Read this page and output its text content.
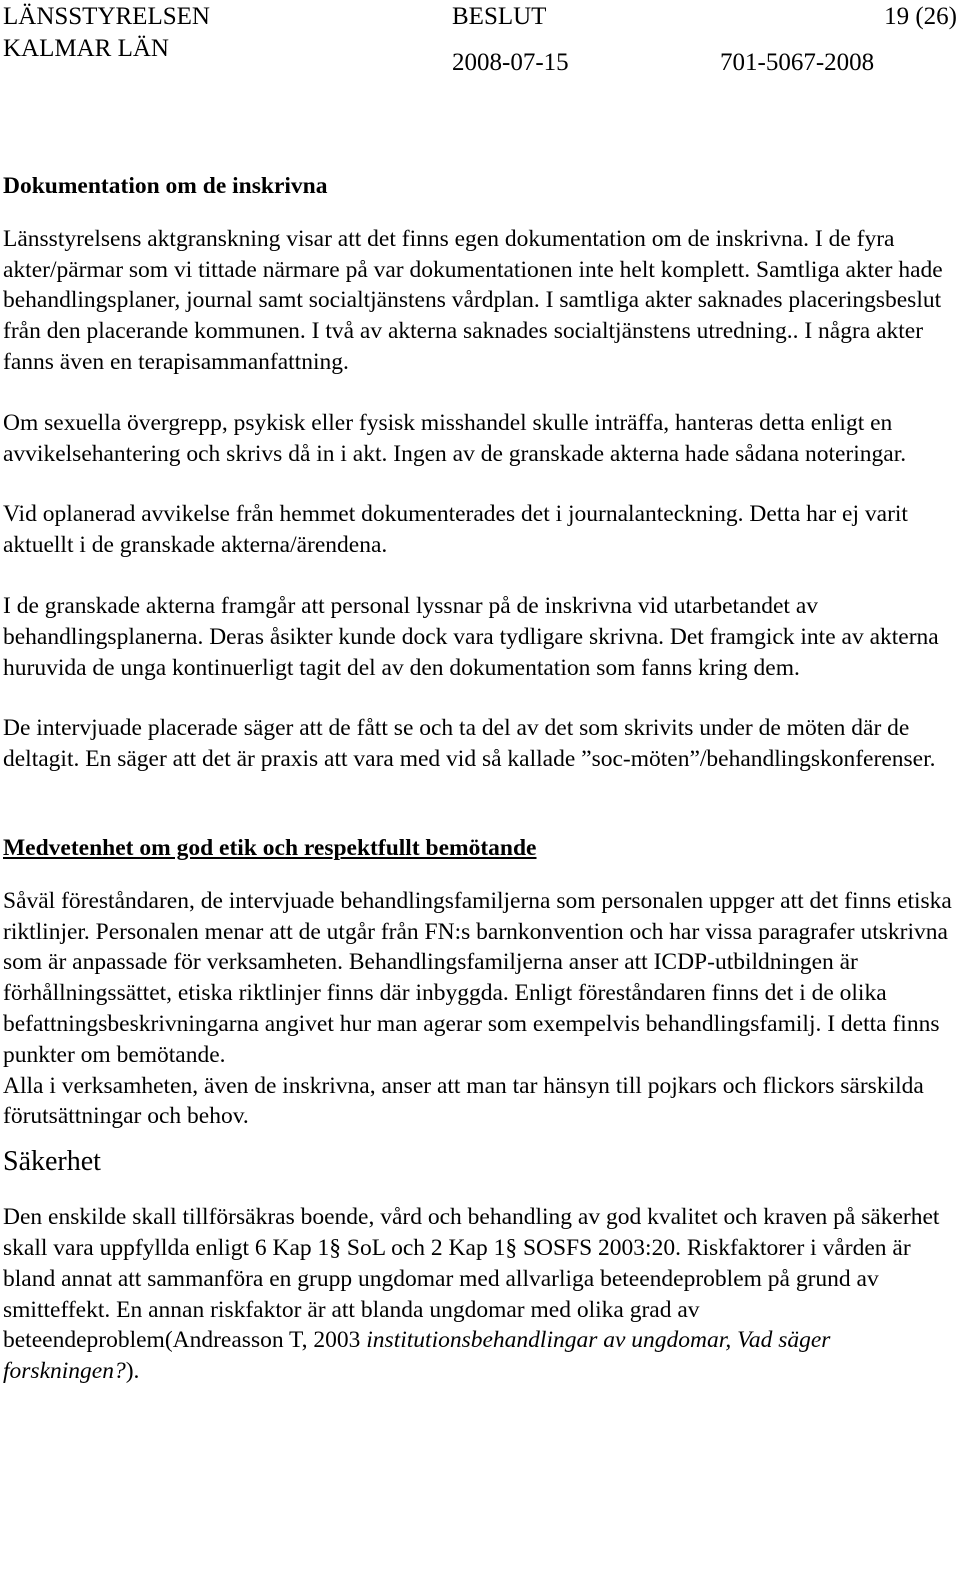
LÄNSSTYRELSEN
KALMAR LÄN
BESLUT	19 (26)
2008-07-15	701-5067-2008
Dokumentation om de inskrivna

Länsstyrelsens aktgranskning visar att det finns egen dokumentation om de inskrivna. I de fyra akter/pärmar som vi tittade närmare på var dokumentationen inte helt komplett. Samtliga akter hade behandlingsplaner, journal samt socialtjänstens vårdplan. I samtliga akter saknades placeringsbeslut från den placerande kommunen. I två av akterna saknades socialtjänstens utredning.. I några akter fanns även en terapisammanfattning.

Om sexuella övergrepp, psykisk eller fysisk misshandel skulle inträffa, hanteras detta enligt en avvikelsehantering och skrivs då in i akt. Ingen av de granskade akterna hade sådana noteringar.

Vid oplanerad avvikelse från hemmet dokumenterades det i journalanteckning. Detta har ej varit aktuellt i de granskade akterna/ärendena.

I de granskade akterna framgår att personal lyssnar på de inskrivna vid utarbetandet av behandlingsplanerna. Deras åsikter kunde dock vara tydligare skrivna. Det framgick inte av akterna huruvida de unga kontinuerligt tagit del av den dokumentation som fanns kring dem.

De intervjuade placerade säger att de fått se och ta del av det som skrivits under de möten där de deltagit. En säger att det är praxis att vara med vid så kallade ”soc-möten”/behandlingskonferenser.

Medvetenhet om god etik och respektfullt bemötande

Såväl föreståndaren, de intervjuade behandlingsfamiljerna som personalen uppger att det finns etiska riktlinjer. Personalen menar att de utgår från FN:s barnkonvention och har vissa paragrafer utskrivna som är anpassade för verksamheten. Behandlingsfamiljerna anser att ICDP-utbildningen är förhållningssättet, etiska riktlinjer finns där inbyggda. Enligt föreståndaren finns det i de olika befattningsbeskrivningarna angivet hur man agerar som exempelvis behandlingsfamilj. I detta finns punkter om bemötande.

Alla i verksamheten, även de inskrivna, anser att man tar hänsyn till pojkars och flickors särskilda förutsättningar och behov.

Säkerhet

Den enskilde skall tillförsäkras boende, vård och behandling av god kvalitet och kraven på säkerhet skall vara uppfyllda enligt 6 Kap 1§ SoL och 2 Kap 1§ SOSFS 2003:20. Riskfaktorer i vården är bland annat att sammanföra en grupp ungdomar med allvarliga beteendeproblem på grund av smitteffekt. En annan riskfaktor är att blanda ungdomar med olika grad av beteendeproblem(Andreasson T, 2003 institutionsbehandlingar av ungdomar, Vad säger forskningen?).
